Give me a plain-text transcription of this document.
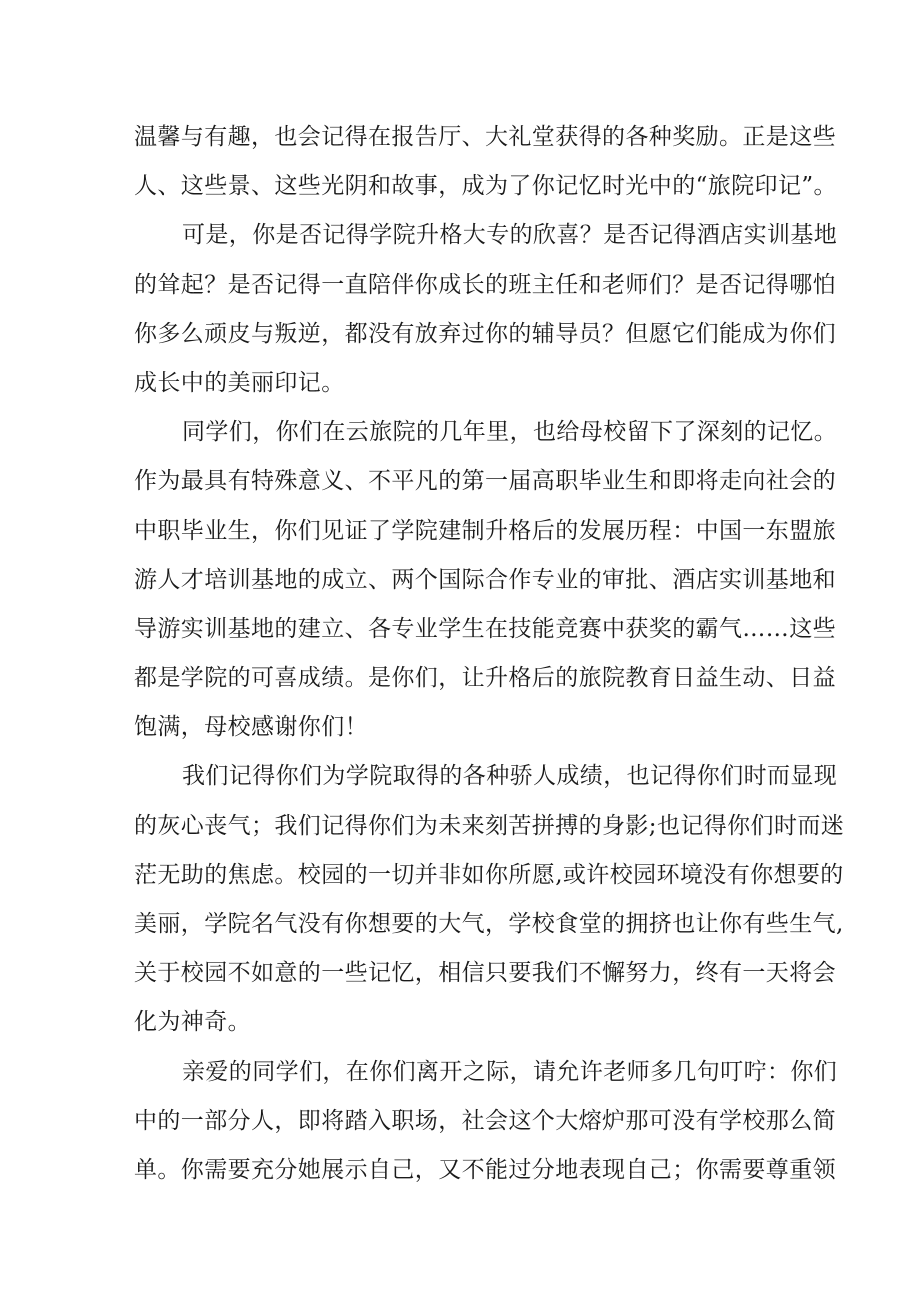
温馨与有趣，也会记得在报告厅、大礼堂获得的各种奖励。正是这些
人、这些景、这些光阴和故事，成为了你记忆时光中的“旅院印记”。
可是，你是否记得学院升格大专的欣喜？是否记得酒店实训基地
的耸起？是否记得一直陪伴你成长的班主任和老师们？是否记得哪怕
你多么顽皮与叛逆，都没有放弃过你的辅导员？但愿它们能成为你们
成长中的美丽印记。
同学们，你们在云旅院的几年里，也给母校留下了深刻的记忆。
作为最具有特殊意义、不平凡的第一届高职毕业生和即将走向社会的
中职毕业生，你们见证了学院建制升格后的发展历程：中国一东盟旅
游人才培训基地的成立、两个国际合作专业的审批、酒店实训基地和
导游实训基地的建立、各专业学生在技能竞赛中获奖的霸气……这些
都是学院的可喜成绩。是你们，让升格后的旅院教育日益生动、日益
饱满，母校感谢你们！
我们记得你们为学院取得的各种骄人成绩，也记得你们时而显现
的灰心丧气；我们记得你们为未来刻苦拼搏的身影;也记得你们时而迷
茫无助的焦虑。校园的一切并非如你所愿,或许校园环境没有你想要的
美丽，学院名气没有你想要的大气，学校食堂的拥挤也让你有些生气,
关于校园不如意的一些记忆，相信只要我们不懈努力，终有一天将会
化为神奇。
亲爱的同学们，在你们离开之际，请允许老师多几句叮咛：你们
中的一部分人，即将踏入职场，社会这个大熔炉那可没有学校那么简
单。你需要充分她展示自己，又不能过分地表现自己；你需要尊重领
